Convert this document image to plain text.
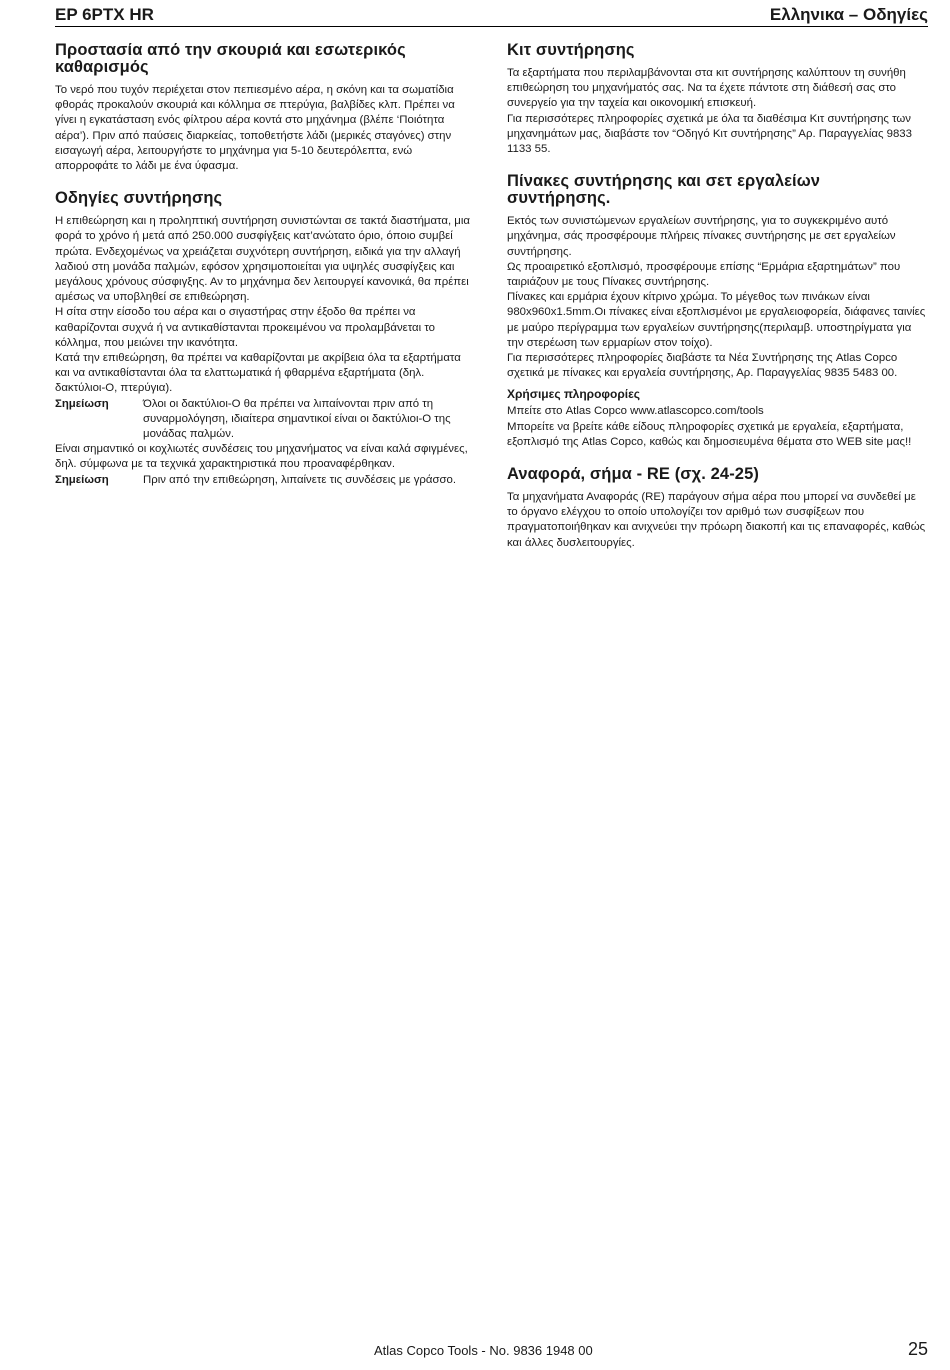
EP 6PTX HR	Ελληνικα – Οδηγίες
Προστασία από την σκουριά και εσωτερικός καθαρισμός

Το νερό που τυχόν περιέχεται στον πεπιεσμένο αέρα, η σκόνη και τα σωματίδια φθοράς προκαλούν σκουριά και κόλλημα σε πτερύγια, βαλβίδες κλπ. Πρέπει να γίνει η εγκατάσταση ενός φίλτρου αέρα κοντά στο μηχάνημα (βλέπε ‘Ποιότητα αέρα’). Πριν από παύσεις διαρκείας, τοποθετήστε λάδι (μερικές σταγόνες) στην εισαγωγή αέρα, λειτουργήστε το μηχάνημα για 5-10 δευτερόλεπτα, ενώ απορροφάτε το λάδι με ένα ύφασμα.

Οδηγίες συντήρησης

Η επιθεώρηση και η προληπτική συντήρηση συνιστώνται σε τακτά διαστήματα, μια φορά το χρόνο ή μετά από 250.000 συσφίγξεις κατ’ανώτατο όριο, όποιο συμβεί πρώτα. Ενδεχομένως να χρειάζεται συχνότερη συντήρηση, ειδικά για την αλλαγή λαδιού στη μονάδα παλμών, εφόσον χρησιμοποιείται για υψηλές συσφίγξεις και μεγάλους χρόνους σύσφιγξης. Αν το μηχάνημα δεν λειτουργεί κανονικά, θα πρέπει αμέσως να υποβληθεί σε επιθεώρηση.

Η σίτα στην είσοδο του αέρα και ο σιγαστήρας στην έξοδο θα πρέπει να καθαρίζονται συχνά ή να αντικαθίστανται προκειμένου να προλαμβάνεται το κόλλημα, που μειώνει την ικανότητα.

Κατά την επιθεώρηση, θα πρέπει να καθαρίζονται με ακρίβεια όλα τα εξαρτήματα και να αντικαθίστανται όλα τα ελαττωματικά ή φθαρμένα εξαρτήματα (δηλ. δακτύλιοι-Ο, πτερύγια).

Σημείωση	Όλοι οι δακτύλιοι-Ο θα πρέπει να λιπαίνονται πριν από τη συναρμολόγηση, ιδιαίτερα σημαντικοί είναι οι δακτύλιοι-Ο της μονάδας παλμών.

Είναι σημαντικό οι κοχλιωτές συνδέσεις του μηχανήματος να είναι καλά σφιγμένες, δηλ. σύμφωνα με τα τεχνικά χαρακτηριστικά που προαναφέρθηκαν.

Σημείωση	Πριν από την επιθεώρηση, λιπαίνετε τις συνδέσεις με γράσσο.
Κιτ συντήρησης

Τα εξαρτήματα που περιλαμβάνονται στα κιτ συντήρησης καλύπτουν τη συνήθη επιθεώρηση του μηχανήματός σας. Να τα έχετε πάντοτε στη διάθεσή σας στο συνεργείο για την ταχεία και οικονομική επισκευή.

Για περισσότερες πληροφορίες σχετικά με όλα τα διαθέσιμα Κιτ συντήρησης των μηχανημάτων μας, διαβάστε τον “Οδηγό Κιτ συντήρησης” Αρ. Παραγγελίας 9833 1133 55.

Πίνακες συντήρησης και σετ εργαλείων συντήρησης.

Εκτός των συνιστώμενων εργαλείων συντήρησης, για το συγκεκριμένο αυτό μηχάνημα, σάς προσφέρουμε πλήρεις πίνακες συντήρησης με σετ εργαλείων συντήρησης.

Ως προαιρετικό εξοπλισμό, προσφέρουμε επίσης “Ερμάρια εξαρτημάτων” που ταιριάζουν με τους Πίνακες συντήρησης.

Πίνακες και ερμάρια έχουν κίτρινο χρώμα. Το μέγεθος των πινάκων είναι 980x960x1.5mm.Οι πίνακες είναι εξοπλισμένοι με εργαλειοφορεία, διάφανες ταινίες με μαύρο περίγραμμα των εργαλείων συντήρησης(περιλαμβ. υποστηρίγματα για την στερέωση των ερμαρίων στον τοίχο).

Για περισσότερες πληροφορίες διαβάστε τα Νέα Συντήρησης της Atlas Copco σχετικά με πίνακες και εργαλεία συντήρησης, Αρ. Παραγγελίας 9835 5483 00.

Χρήσιμες πληροφορίες

Μπείτε στο Atlas Copco www.atlascopco.com/tools

Μπορείτε να βρείτε κάθε είδους πληροφορίες σχετικά με εργαλεία, εξαρτήματα, εξοπλισμό της Atlas Copco, καθώς και δημοσιευμένα θέματα στο WEB site μας!!

Αναφορά, σήμα - RE (σχ. 24-25)

Τα μηχανήματα Αναφοράς (RE) παράγουν σήμα αέρα που μπορεί να συνδεθεί με το όργανο ελέγχου το οποίο υπολογίζει τον αριθμό των συσφίξεων που πραγματοποιήθηκαν και ανιχνεύει την πρόωρη διακοπή και τις επαναφορές, καθώς και άλλες δυσλειτουργίες.

Atlas Copco Tools - No. 9836 1948 00	25
